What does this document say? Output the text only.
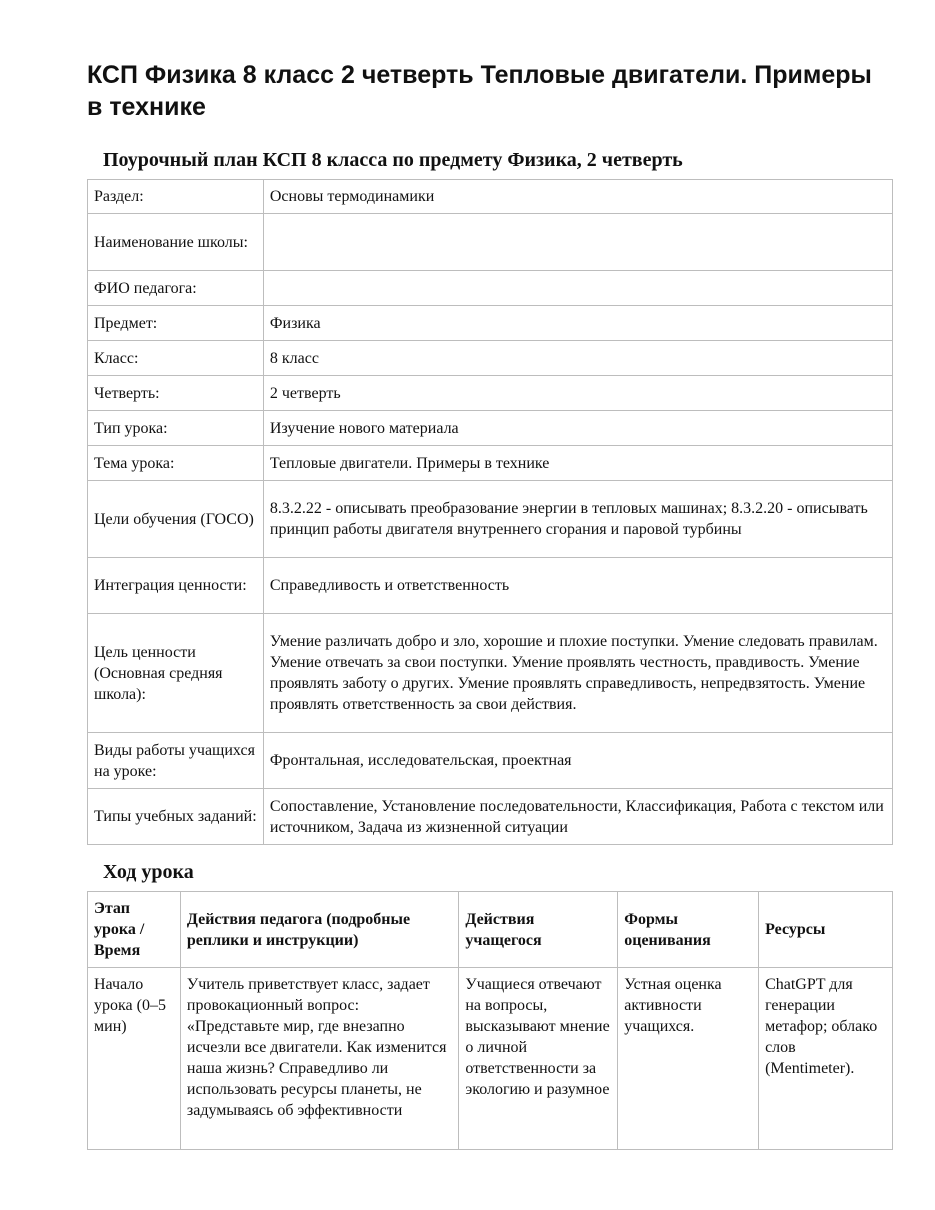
КСП Физика 8 класс 2 четверть Тепловые двигатели. Примеры в технике
Поурочный план КСП 8 класса по предмету Физика, 2 четверть
Раздел:	Основы термодинамики
Наименование школы:	
ФИО педагога:	
Предмет:	Физика
Класс:	8 класс
Четверть:	2 четверть
Тип урока:	Изучение нового материала
Тема урока:	Тепловые двигатели. Примеры в технике
Цели обучения (ГОСО)	8.3.2.22 - описывать преобразование энергии в тепловых машинах; 8.3.2.20 - описывать принцип работы двигателя внутреннего сгорания и паровой турбины
Интеграция ценности:	Справедливость и ответственность
Цель ценности (Основная средняя школа):	Умение различать добро и зло, хорошие и плохие поступки. Умение следовать правилам. Умение отвечать за свои поступки. Умение проявлять честность, правдивость. Умение проявлять заботу о других. Умение проявлять справедливость, непредвзятость. Умение проявлять ответственность за свои действия.
Виды работы учащихся на уроке:	Фронтальная, исследовательская, проектная
Типы учебных заданий:	Сопоставление, Установление последовательности, Классификация, Работа с текстом или источником, Задача из жизненной ситуации
Ход урока
Этап урока / Время	Действия педагога (подробные реплики и инструкции)	Действия учащегося	Формы оценивания	Ресурсы
Начало урока (0–5 мин)	Учитель приветствует класс, задает провокационный вопрос: «Представьте мир, где внезапно исчезли все двигатели. Как изменится наша жизнь? Справедливо ли использовать ресурсы планеты, не задумываясь об эффективности	Учащиеся отвечают на вопросы, высказывают мнение о личной ответственности за экологию и разумное	Устная оценка активности учащихся.	ChatGPT для генерации метафор; облако слов (Mentimeter).
